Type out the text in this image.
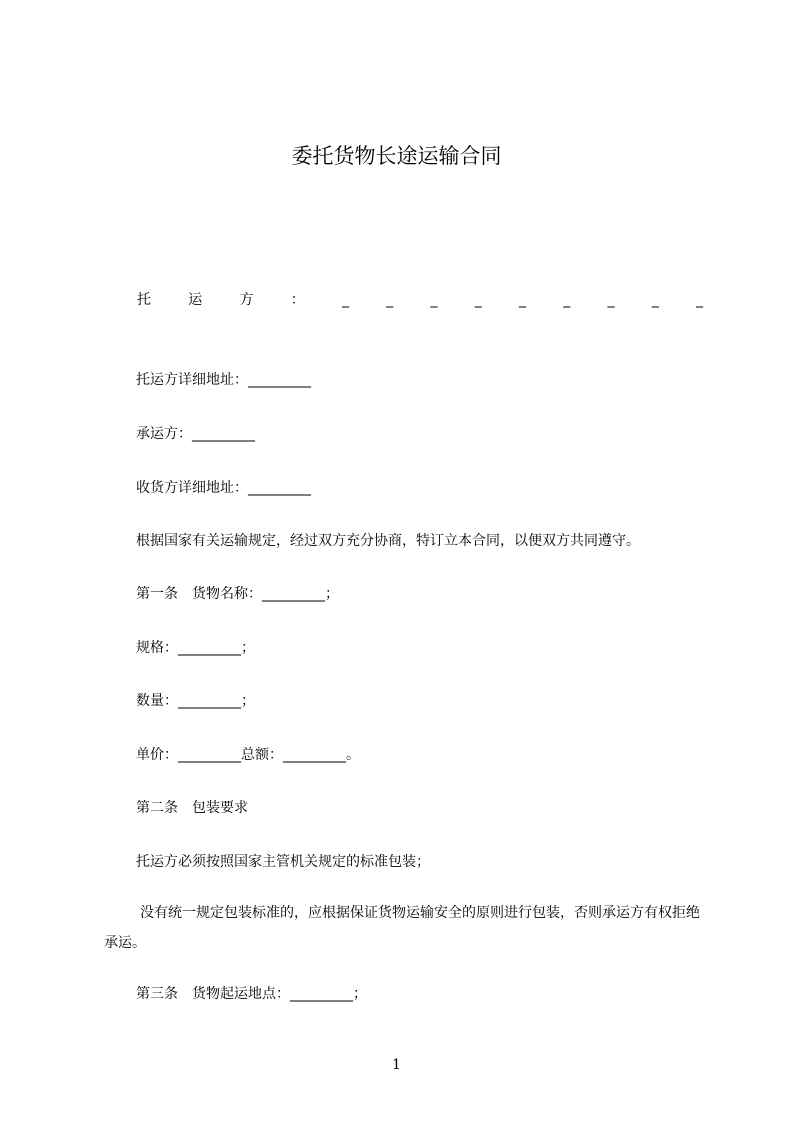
委托货物长途运输合同
托	运	方	：	_	_	_	_	_	_	_	_	_
托运方详细地址：_________
承运方：_________
收货方详细地址：_________
根据国家有关运输规定，经过双方充分协商，特订立本合同，以便双方共同遵守。
第一条　货物名称：_________；
规格：_________；
数量：_________；
单价：_________总额：_________。
第二条　包装要求
托运方必须按照国家主管机关规定的标准包装；
没有统一规定包装标准的，应根据保证货物运输安全的原则进行包装，否则承运方有权拒绝承运。
第三条　货物起运地点：_________；
1
